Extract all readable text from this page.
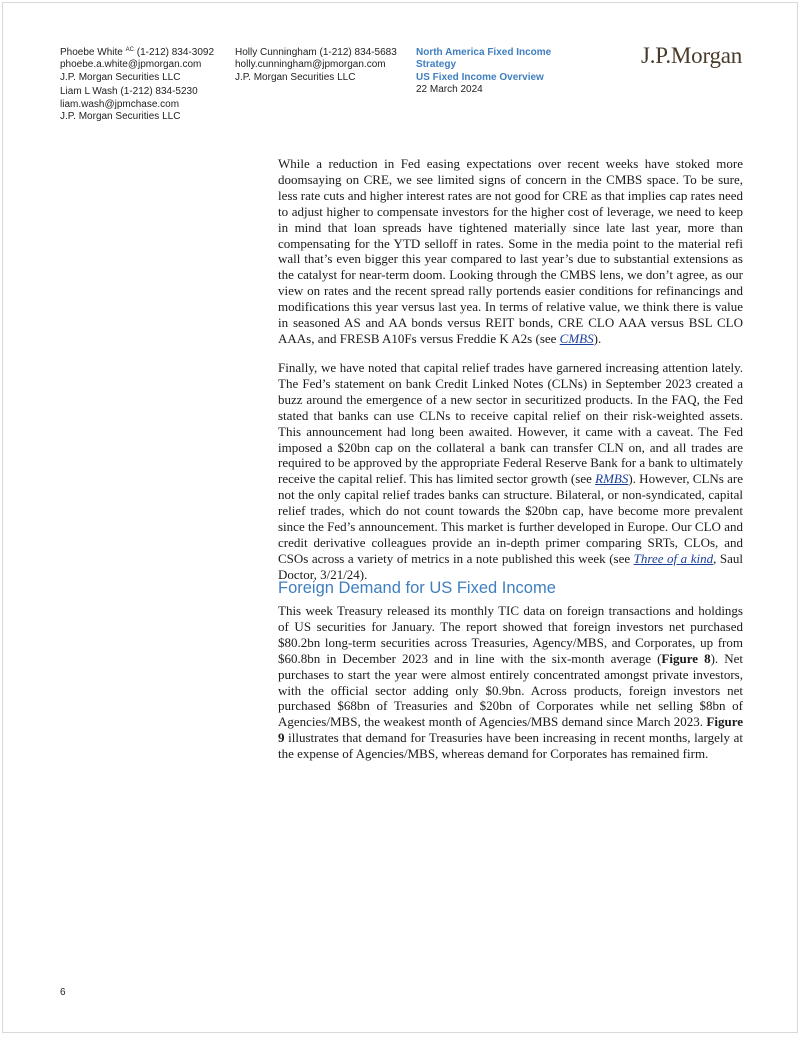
Phoebe White $^{AC}$ (1-212) 834-3092
phoebe.a.white@jpmorgan.com
J.P. Morgan Securities LLC
Liam L Wash (1-212) 834-5230
liam.wash@jpmchase.com
J.P. Morgan Securities LLC
Holly Cunningham (1-212) 834-5683
holly.cunningham@jpmorgan.com
J.P. Morgan Securities LLC
North America Fixed Income
Strategy
US Fixed Income Overview
22 March 2024
J.P.Morgan
While a reduction in Fed easing expectations over recent weeks have stoked more doomsaying on CRE, we see limited signs of concern in the CMBS space. To be sure, less rate cuts and higher interest rates are not good for CRE as that implies cap rates need to adjust higher to compensate investors for the higher cost of leverage, we need to keep in mind that loan spreads have tightened materially since late last year, more than compensating for the YTD selloff in rates. Some in the media point to the material refi wall that’s even bigger this year compared to last year’s due to substantial extensions as the catalyst for near-term doom. Looking through the CMBS lens, we don’t agree, as our view on rates and the recent spread rally portends easier conditions for refinancings and modifications this year versus last yea. In terms of relative value, we think there is value in seasoned AS and AA bonds versus REIT bonds, CRE CLO AAA versus BSL CLO AAAs, and FRESB A10Fs versus Freddie K A2s (see CMBS).
Finally, we have noted that capital relief trades have garnered increasing attention lately. The Fed’s statement on bank Credit Linked Notes (CLNs) in September 2023 created a buzz around the emergence of a new sector in securitized products. In the FAQ, the Fed stated that banks can use CLNs to receive capital relief on their risk-weighted assets. This announcement had long been awaited. However, it came with a caveat. The Fed imposed a $20bn cap on the collateral a bank can transfer CLN on, and all trades are required to be approved by the appropriate Federal Reserve Bank for a bank to ultimately receive the capital relief. This has limited sector growth (see RMBS). However, CLNs are not the only capital relief trades banks can structure. Bilateral, or non-syndicated, capital relief trades, which do not count towards the $20bn cap, have become more prevalent since the Fed’s announcement. This market is further developed in Europe. Our CLO and credit derivative colleagues provide an in-depth primer comparing SRTs, CLOs, and CSOs across a variety of metrics in a note published this week (see Three of a kind, Saul Doctor, 3/21/24).
Foreign Demand for US Fixed Income
This week Treasury released its monthly TIC data on foreign transactions and holdings of US securities for January. The report showed that foreign investors net purchased $80.2bn long-term securities across Treasuries, Agency/MBS, and Corporates, up from $60.8bn in December 2023 and in line with the six-month average (Figure 8). Net purchases to start the year were almost entirely concentrated amongst private investors, with the official sector adding only $0.9bn. Across products, foreign investors net purchased $68bn of Treasuries and $20bn of Corporates while net selling $8bn of Agencies/MBS, the weakest month of Agencies/MBS demand since March 2023. Figure 9 illustrates that demand for Treasuries have been increasing in recent months, largely at the expense of Agencies/MBS, whereas demand for Corporates has remained firm.
6
